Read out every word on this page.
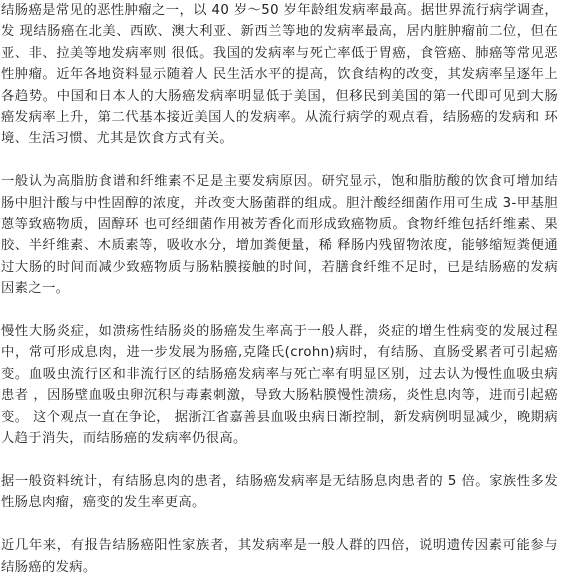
结肠癌是常见的恶性肿瘤之一，以 40 岁～50 岁年龄组发病率最高。据世界流行病学调查，发 现结肠癌在北美、西欧、澳大利亚、新西兰等地的发病率最高，居内脏肿瘤前二位，但在亚、非、拉美等地发病率则 很低。我国的发病率与死亡率低于胃癌，食管癌、肺癌等常见恶性肿瘤。近年各地资料显示随着人 民生活水平的提高，饮食结构的改变，其发病率呈逐年上各趋势。中国和日本人的大肠癌发病率明显低于美国，但移民到美国的第一代即可见到大肠癌发病率上升，第二代基本接近美国人的发病率。从流行病学的观点看，结肠癌的发病和 环境、生活习惯、尤其是饮食方式有关。

一般认为高脂肪食谱和纤维素不足是主要发病原因。研究显示，饱和脂肪酸的饮食可增加结肠中胆汁酸与中性固醇的浓度，并改变大肠菌群的组成。胆汁酸经细菌作用可生成 3-甲基胆蒽等致癌物质，固醇环 也可经细菌作用被芳香化而形成致癌物质。食物纤维包括纤维素、果胶、半纤维素、木质素等，吸收水分，增加粪便量，稀 释肠内残留物浓度，能够缩短粪便通过大肠的时间而减少致癌物质与肠粘膜接触的时间，若膳食纤维不足时，已是结肠癌的发病因素之一。

慢性大肠炎症，如溃疡性结肠炎的肠癌发生率高于一般人群，炎症的增生性病变的发展过程中，常可形成息肉，进一步发展为肠癌,克隆氏(crohn)病时，有结肠、直肠受累者可引起癌变。血吸虫流行区和非流行区的结肠癌发病率与死亡率有明显区别，过去认为慢性血吸虫病患者 ，因肠壁血吸虫卵沉积与毒素刺激，导致大肠粘膜慢性溃疡，炎性息肉等，进而引起癌变。 这个观点一直在争论， 据浙江省嘉善县血吸虫病日渐控制，新发病例明显减少，晚期病人趋于消失，而结肠癌的发病率仍很高。

据一般资料统计，有结肠息肉的患者，结肠癌发病率是无结肠息肉患者的 5 倍。家族性多发性肠息肉瘤，癌变的发生率更高。

近几年来，有报告结肠癌阳性家族者，其发病率是一般人群的四倍，说明遗传因素可能参与结肠癌的发病。
